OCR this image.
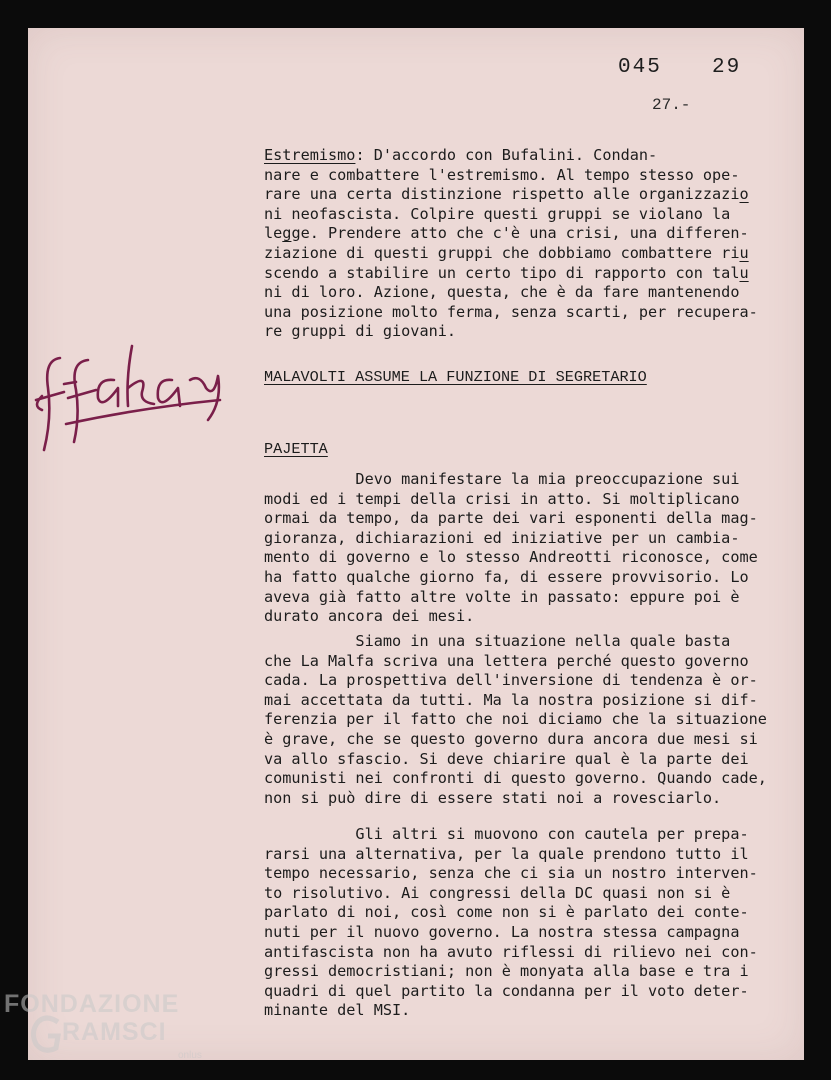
045 29
27.-
Estremismo: D'accordo con Bufalini. Condan-
nare e combattere l'estremismo. Al tempo stesso ope-
rare una certa distinzione rispetto alle organizzazio
ni neofascista. Colpire questi gruppi se violano la
legge. Prendere atto che c'è una crisi, una differen-
ziazione di questi gruppi che dobbiamo combattere riu
scendo a stabilire un certo tipo di rapporto con talu
ni di loro. Azione, questa, che è da fare mantenendo
una posizione molto ferma, senza scarti, per recupera-
re gruppi di giovani.
MALAVOLTI ASSUME LA FUNZIONE DI SEGRETARIO
PAJETTA
Devo manifestare la mia preoccupazione sui
modi ed i tempi della crisi in atto. Si moltiplicano
ormai da tempo, da parte dei vari esponenti della mag-
gioranza, dichiarazioni ed iniziative per un cambia-
mento di governo e lo stesso Andreotti riconosce, come
ha fatto qualche giorno fa, di essere provvisorio. Lo
aveva già fatto altre volte in passato: eppure poi è
durato ancora dei mesi.
Siamo in una situazione nella quale basta
che La Malfa scriva una lettera perché questo governo
cada. La prospettiva dell'inversione di tendenza è or-
mai accettata da tutti. Ma la nostra posizione si dif-
ferenzia per il fatto che noi diciamo che la situazione
è grave, che se questo governo dura ancora due mesi si
va allo sfascio. Si deve chiarire qual è la parte dei
comunisti nei confronti di questo governo. Quando cade,
non si può dire di essere stati noi a rovesciarlo.
Gli altri si muovono con cautela per prepa-
rarsi una alternativa, per la quale prendono tutto il
tempo necessario, senza che ci sia un nostro interven-
to risolutivo. Ai congressi della DC quasi non si è
parlato di noi, così come non si è parlato dei conte-
nuti per il nuovo governo. La nostra stessa campagna
antifascista non ha avuto riflessi di rilievo nei con-
gressi democristiani; non è monyata alla base e tra i
quadri di quel partito la condanna per il voto deter-
minante del MSI.
FONDAZIONE
RAMSCI
onlus
